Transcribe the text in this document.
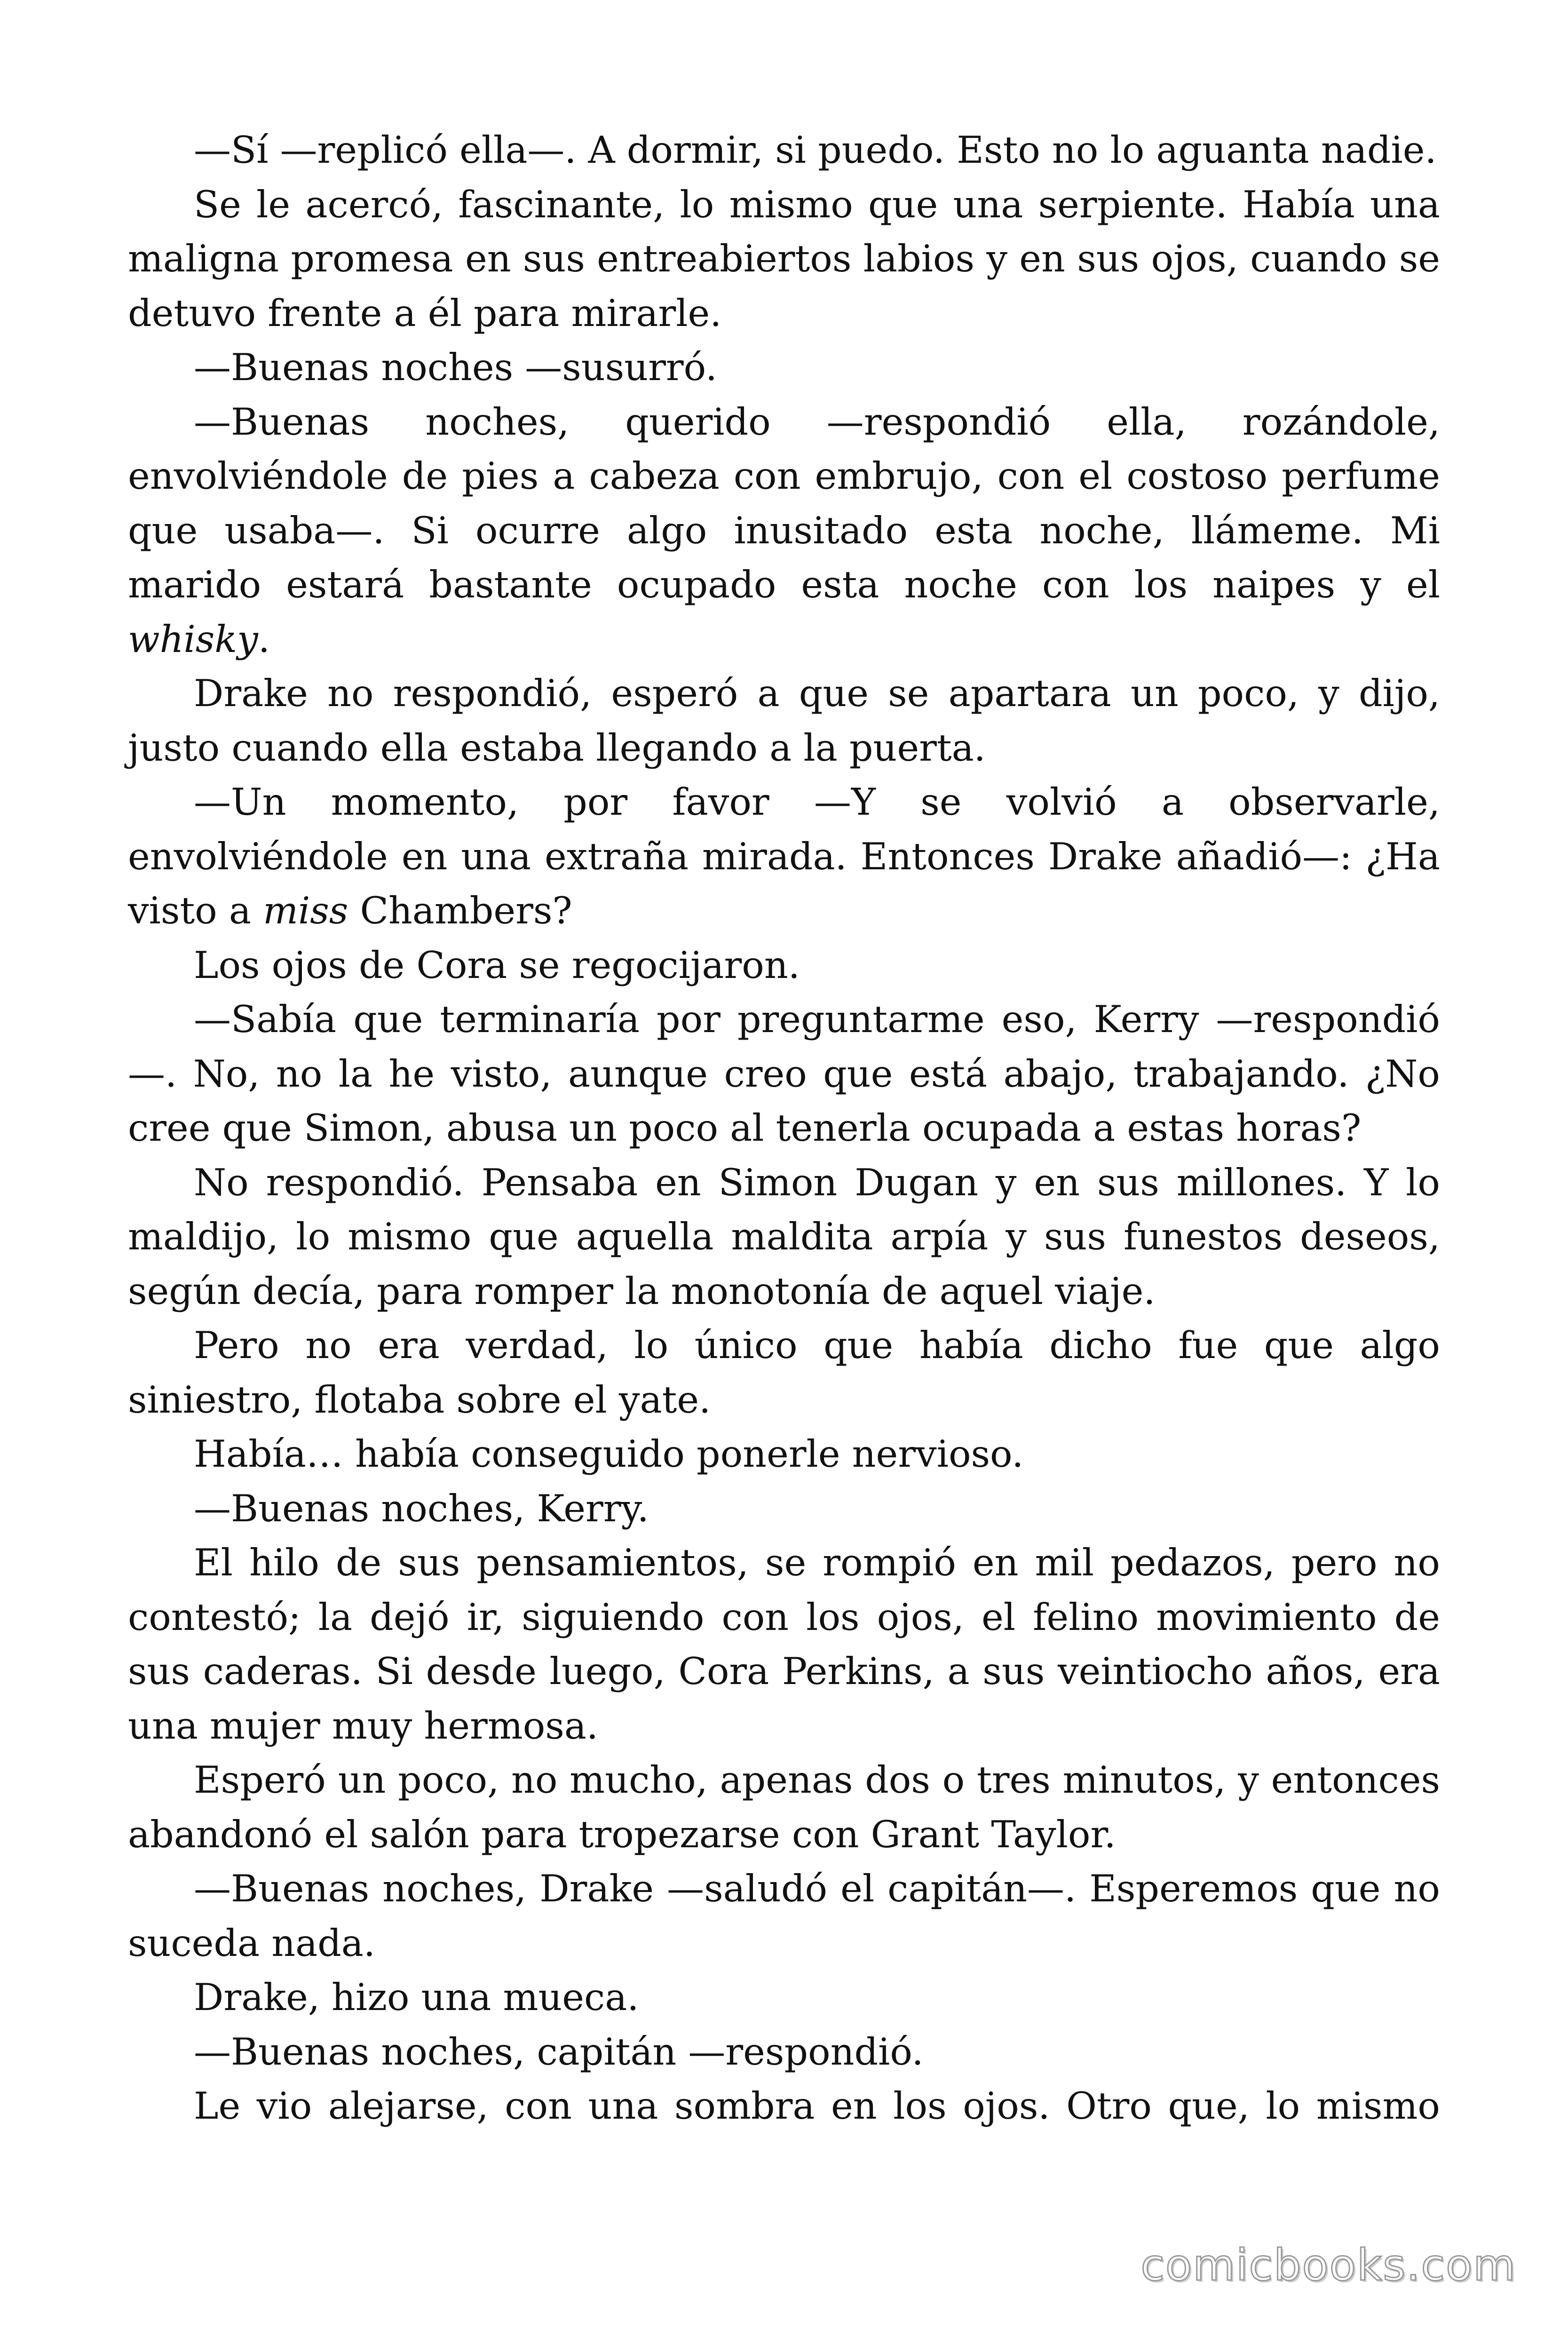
—Sí —replicó ella—. A dormir, si puedo. Esto no lo aguanta nadie.

Se le acercó, fascinante, lo mismo que una serpiente. Había una maligna promesa en sus entreabiertos labios y en sus ojos, cuando se detuvo frente a él para mirarle.

—Buenas noches —susurró.

—Buenas noches, querido —respondió ella, rozándole, envolviéndole de pies a cabeza con embrujo, con el costoso perfume que usaba—. Si ocurre algo inusitado esta noche, llámeme. Mi marido estará bastante ocupado esta noche con los naipes y el whisky.

Drake no respondió, esperó a que se apartara un poco, y dijo, justo cuando ella estaba llegando a la puerta.

—Un momento, por favor —Y se volvió a observarle, envolviéndole en una extraña mirada. Entonces Drake añadió—: ¿Ha visto a miss Chambers?

Los ojos de Cora se regocijaron.

—Sabía que terminaría por preguntarme eso, Kerry —respondió —. No, no la he visto, aunque creo que está abajo, trabajando. ¿No cree que Simon, abusa un poco al tenerla ocupada a estas horas?

No respondió. Pensaba en Simon Dugan y en sus millones. Y lo maldijo, lo mismo que aquella maldita arpía y sus funestos deseos, según decía, para romper la monotonía de aquel viaje.

Pero no era verdad, lo único que había dicho fue que algo siniestro, flotaba sobre el yate.

Había… había conseguido ponerle nervioso.

—Buenas noches, Kerry.

El hilo de sus pensamientos, se rompió en mil pedazos, pero no contestó; la dejó ir, siguiendo con los ojos, el felino movimiento de sus caderas. Si desde luego, Cora Perkins, a sus veintiocho años, era una mujer muy hermosa.

Esperó un poco, no mucho, apenas dos o tres minutos, y entonces abandonó el salón para tropezarse con Grant Taylor.

—Buenas noches, Drake —saludó el capitán—. Esperemos que no suceda nada.

Drake, hizo una mueca.

—Buenas noches, capitán —respondió.

Le vio alejarse, con una sombra en los ojos. Otro que, lo mismo

comicbooks.com
